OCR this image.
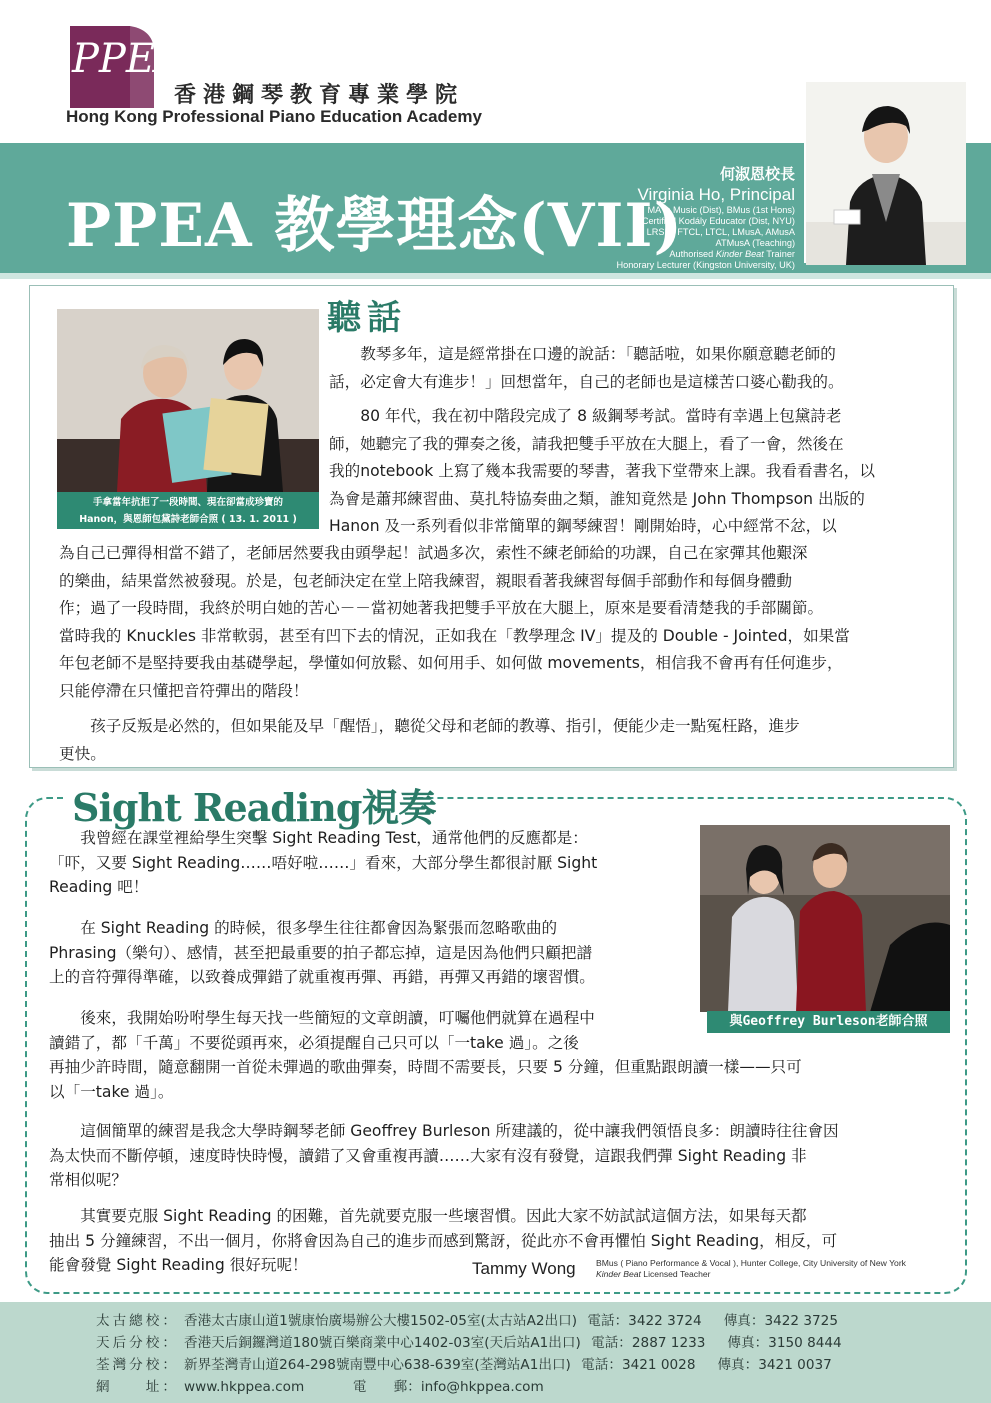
PPEA
香港鋼琴教育專業學院
Hong Kong Professional Piano Education Academy
PPEA 教學理念(VII)
何淑恩校長
Virginia Ho, Principal
MA in Music (Dist), BMus (1st Hons)
Certified Kodály Educator (Dist, NYU)
LRSM, FTCL, LTCL, LMusA, AMusA
ATMusA (Teaching)
Authorised Kinder Beat Trainer
Honorary Lecturer (Kingston University, UK)
聽話
手拿當年抗拒了一段時間、現在卻當成珍寶的
Hanon，與恩師包黛詩老師合照 ( 13. 1. 2011 )
　　教琴多年，這是經常掛在口邊的說話：「聽話啦，如果你願意聽老師的
話，必定會大有進步！」回想當年，自己的老師也是這樣苦口婆心勸我的。
　　80 年代，我在初中階段完成了 8 級鋼琴考試。當時有幸遇上包黛詩老
師，她聽完了我的彈奏之後，請我把雙手平放在大腿上，看了一會，然後在
我的notebook 上寫了幾本我需要的琴書，著我下堂帶來上課。我看看書名，以
為會是蕭邦練習曲、莫扎特協奏曲之類，誰知竟然是 John Thompson 出版的
Hanon 及一系列看似非常簡單的鋼琴練習！剛開始時，心中經常不忿，以
為自己已彈得相當不錯了，老師居然要我由頭學起！試過多次，索性不練老師給的功課，自己在家彈其他艱深
的樂曲，結果當然被發現。於是，包老師決定在堂上陪我練習，親眼看著我練習每個手部動作和每個身體動
作；過了一段時間，我終於明白她的苦心－－當初她著我把雙手平放在大腿上，原來是要看清楚我的手部關節。
當時我的 Knuckles 非常軟弱，甚至有凹下去的情況，正如我在「教學理念 IV」提及的 Double - Jointed，如果當
年包老師不是堅持要我由基礎學起，學懂如何放鬆、如何用手、如何做 movements，相信我不會再有任何進步，
只能停滯在只懂把音符彈出的階段！
　　孩子反叛是必然的，但如果能及早「醒悟」，聽從父母和老師的教導、指引，便能少走一點冤枉路，進步
更快。
Sight Reading視奏
與Geoffrey Burleson老師合照
　　我曾經在課堂裡給學生突擊 Sight Reading Test，通常他們的反應都是：
「吓，又要 Sight Reading……唔好啦……」看來，大部分學生都很討厭 Sight
Reading 吧！
　　在 Sight Reading 的時候，很多學生往往都會因為緊張而忽略歌曲的
Phrasing（樂句）、感情，甚至把最重要的拍子都忘掉，這是因為他們只顧把譜
上的音符彈得準確，以致養成彈錯了就重複再彈、再錯，再彈又再錯的壞習慣。
　　後來，我開始吩咐學生每天找一些簡短的文章朗讀，叮囑他們就算在過程中
讀錯了，都「千萬」不要從頭再來，必須提醒自己只可以「一take 過」。之後
再抽少許時間，隨意翻開一首從未彈過的歌曲彈奏，時間不需要長，只要 5 分鐘，但重點跟朗讀一樣——只可
以「一take 過」。
　　這個簡單的練習是我念大學時鋼琴老師 Geoffrey Burleson 所建議的，從中讓我們領悟良多：朗讀時往往會因
為太快而不斷停頓，速度時快時慢，讀錯了又會重複再讀……大家有沒有發覺，這跟我們彈 Sight Reading 非
常相似呢？
　　其實要克服 Sight Reading 的困難，首先就要克服一些壞習慣。因此大家不妨試試這個方法，如果每天都
抽出 5 分鐘練習，不出一個月，你將會因為自己的進步而感到驚訝，從此亦不會再懼怕 Sight Reading，相反，可
能會發覺 Sight Reading 很好玩呢！	Tammy Wong BMus ( Piano Performance & Vocal ), Hunter College, City University of New York
Kinder Beat Licensed Teacher
太古總校： 香港太古康山道1號康怡廣場辦公大樓1502-05室(太古站A2出口) 電話：3422 3724 傳真：3422 3725
天后分校： 香港天后銅鑼灣道180號百樂商業中心1402-03室(天后站A1出口) 電話：2887 1233 傳真：3150 8444
荃灣分校： 新界荃灣青山道264-298號南豐中心638-639室(荃灣站A1出口) 電話：3421 0028 傳真：3421 0037
網　　址： www.hkppea.com	電　　郵：info@hkppea.com
